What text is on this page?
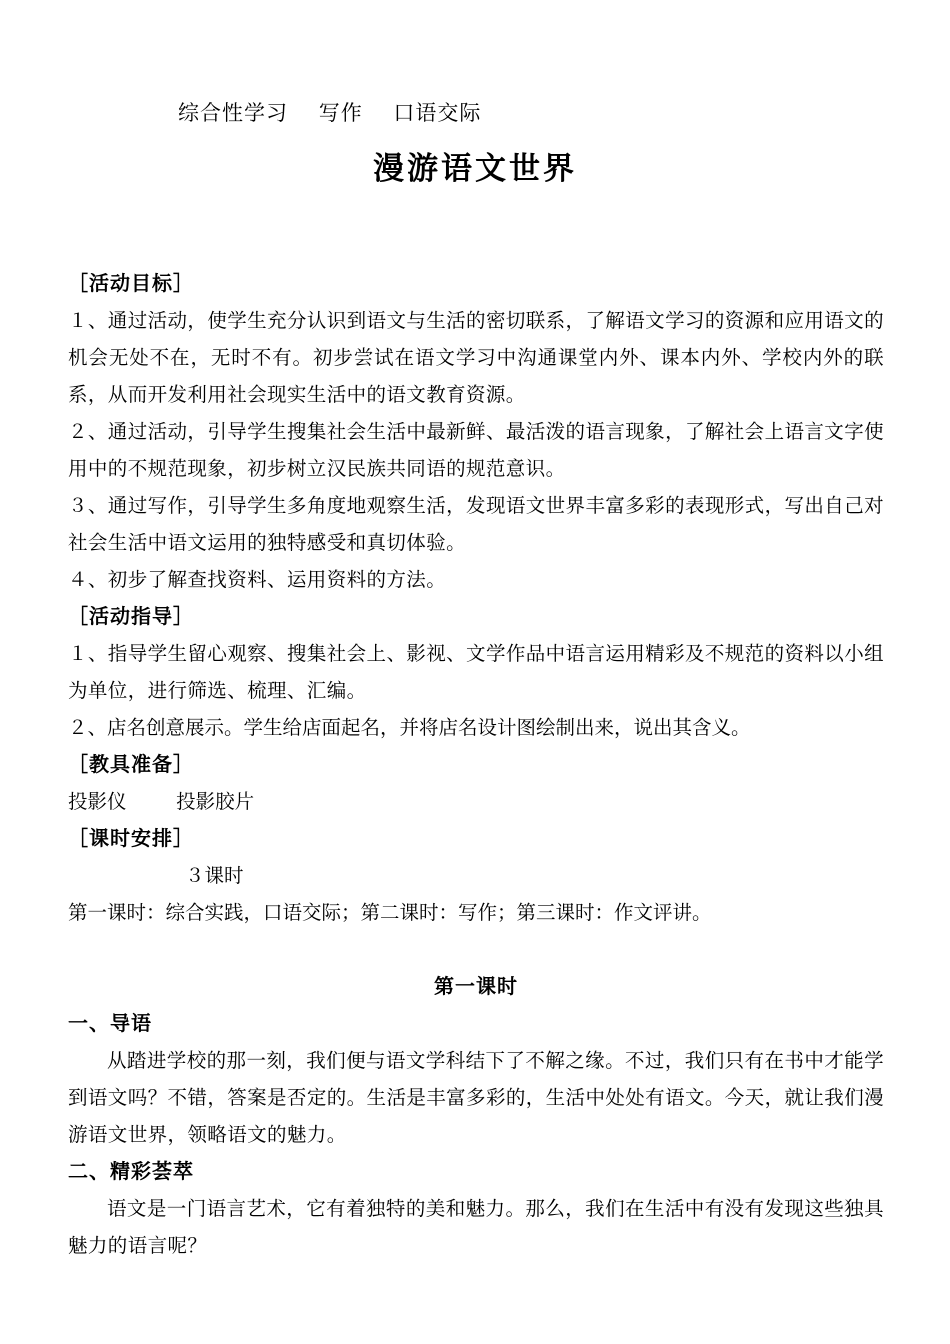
综合性学习    写作    口语交际
漫游语文世界
［活动目标］
１、通过活动，使学生充分认识到语文与生活的密切联系，了解语文学习的资源和应用语文的机会无处不在，无时不有。初步尝试在语文学习中沟通课堂内外、课本内外、学校内外的联系，从而开发利用社会现实生活中的语文教育资源。
２、通过活动，引导学生搜集社会生活中最新鲜、最活泼的语言现象，了解社会上语言文字使用中的不规范现象，初步树立汉民族共同语的规范意识。
３、通过写作，引导学生多角度地观察生活，发现语文世界丰富多彩的表现形式，写出自己对社会生活中语文运用的独特感受和真切体验。
４、初步了解查找资料、运用资料的方法。
［活动指导］
１、指导学生留心观察、搜集社会上、影视、文学作品中语言运用精彩及不规范的资料以小组为单位，进行筛选、梳理、汇编。
２、店名创意展示。学生给店面起名，并将店名设计图绘制出来，说出其含义。
［教具准备］
投影仪        投影胶片
［课时安排］
３课时
第一课时：综合实践，口语交际；第二课时：写作；第三课时：作文评讲。
第一课时
一、导语
从踏进学校的那一刻，我们便与语文学科结下了不解之缘。不过，我们只有在书中才能学到语文吗？不错，答案是否定的。生活是丰富多彩的，生活中处处有语文。今天，就让我们漫游语文世界，领略语文的魅力。
二、精彩荟萃
语文是一门语言艺术，它有着独特的美和魅力。那么，我们在生活中有没有发现这些独具魅力的语言呢？
